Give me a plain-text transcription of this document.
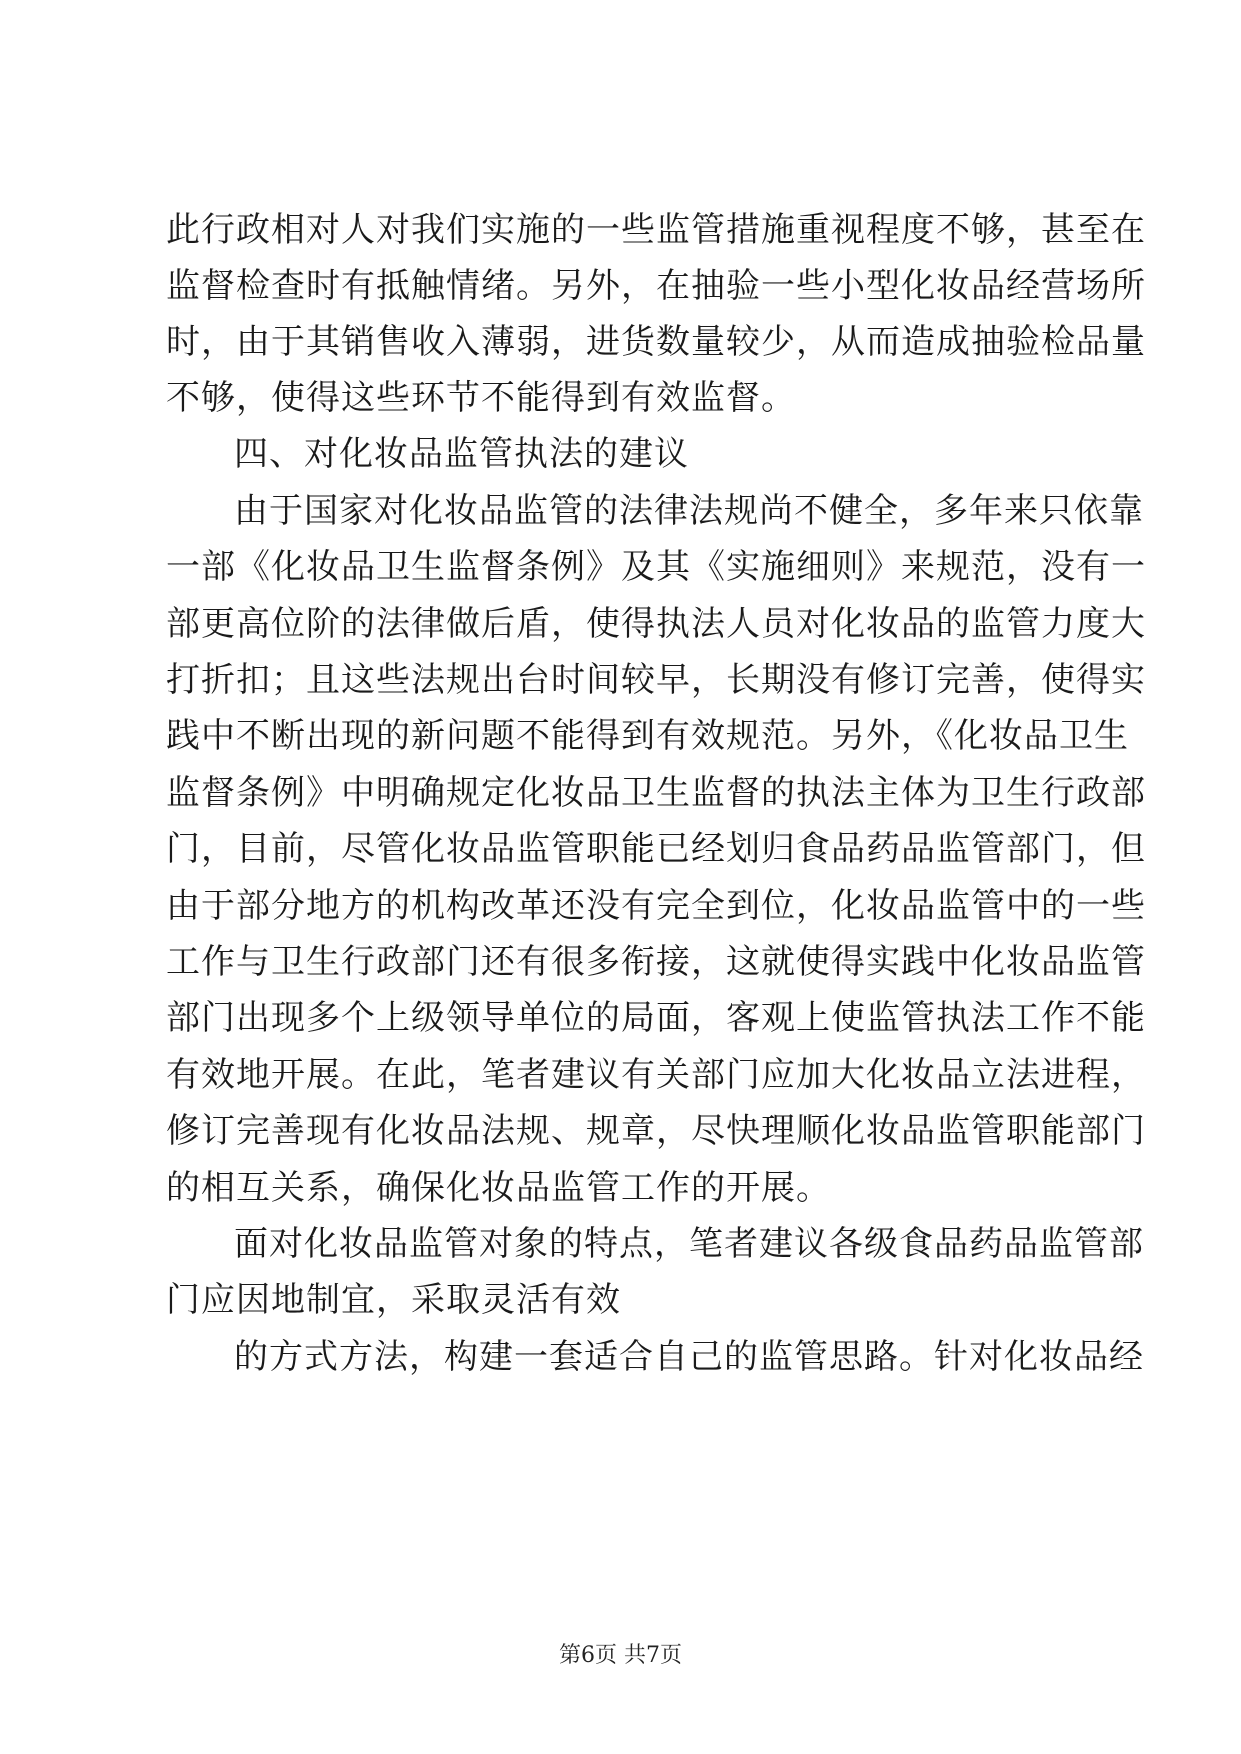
此行政相对人对我们实施的一些监管措施重视程度不够，甚至在
监督检查时有抵触情绪。另外，在抽验一些小型化妆品经营场所
时，由于其销售收入薄弱，进货数量较少，从而造成抽验检品量
不够，使得这些环节不能得到有效监督。
四、对化妆品监管执法的建议
由于国家对化妆品监管的法律法规尚不健全，多年来只依靠
一部《化妆品卫生监督条例》及其《实施细则》来规范，没有一
部更高位阶的法律做后盾，使得执法人员对化妆品的监管力度大
打折扣；且这些法规出台时间较早，长期没有修订完善，使得实
践中不断出现的新问题不能得到有效规范。另外，《化妆品卫生
监督条例》中明确规定化妆品卫生监督的执法主体为卫生行政部
门，目前，尽管化妆品监管职能已经划归食品药品监管部门，但
由于部分地方的机构改革还没有完全到位，化妆品监管中的一些
工作与卫生行政部门还有很多衔接，这就使得实践中化妆品监管
部门出现多个上级领导单位的局面，客观上使监管执法工作不能
有效地开展。在此，笔者建议有关部门应加大化妆品立法进程，
修订完善现有化妆品法规、规章，尽快理顺化妆品监管职能部门
的相互关系，确保化妆品监管工作的开展。
面对化妆品监管对象的特点，笔者建议各级食品药品监管部
门应因地制宜，采取灵活有效
的方式方法，构建一套适合自己的监管思路。针对化妆品经
第6页 共7页
